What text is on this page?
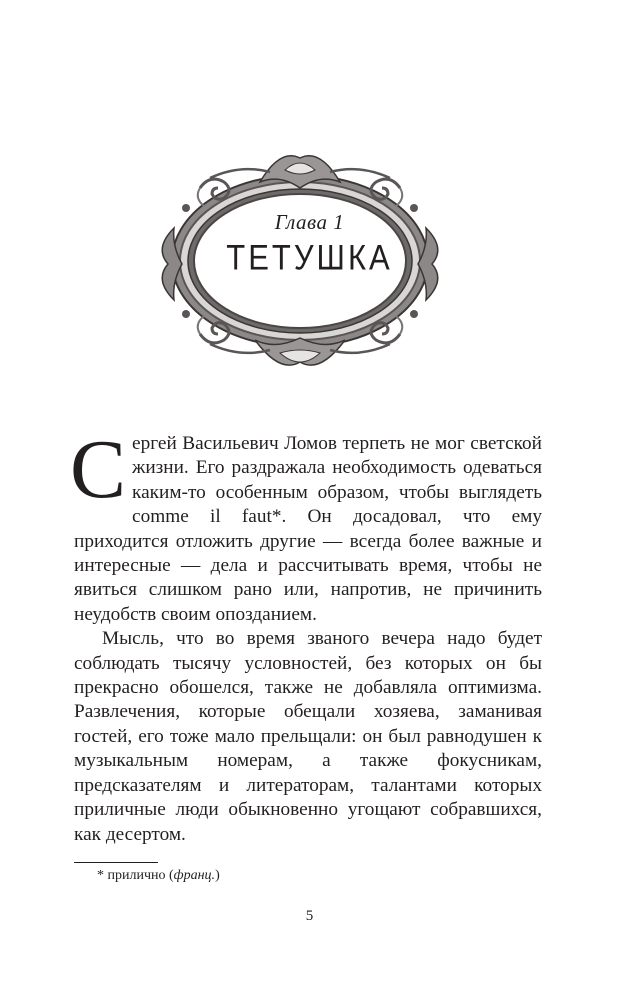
Глава 1
ТЕТУШКА

Сергей Васильевич Ломов терпеть не мог светской жизни. Его раздражала необходимость одеваться каким-то особенным образом, чтобы выглядеть comme il faut*. Он досадовал, что ему приходится отложить другие — всегда более важные и интересные — дела и рассчитывать время, чтобы не явиться слишком рано или, напротив, не причинить неудобств своим опозданием.

Мысль, что во время званого вечера надо будет соблюдать тысячу условностей, без которых он бы прекрасно обошелся, также не добавляла оптимизма. Развлечения, которые обещали хозяева, заманивая гостей, его тоже мало прельщали: он был равнодушен к музыкальным номерам, а также фокусникам, предсказателям и литераторам, талантами которых приличные люди обыкновенно угощают собравшихся, как десертом.

* прилично (франц.)
5
